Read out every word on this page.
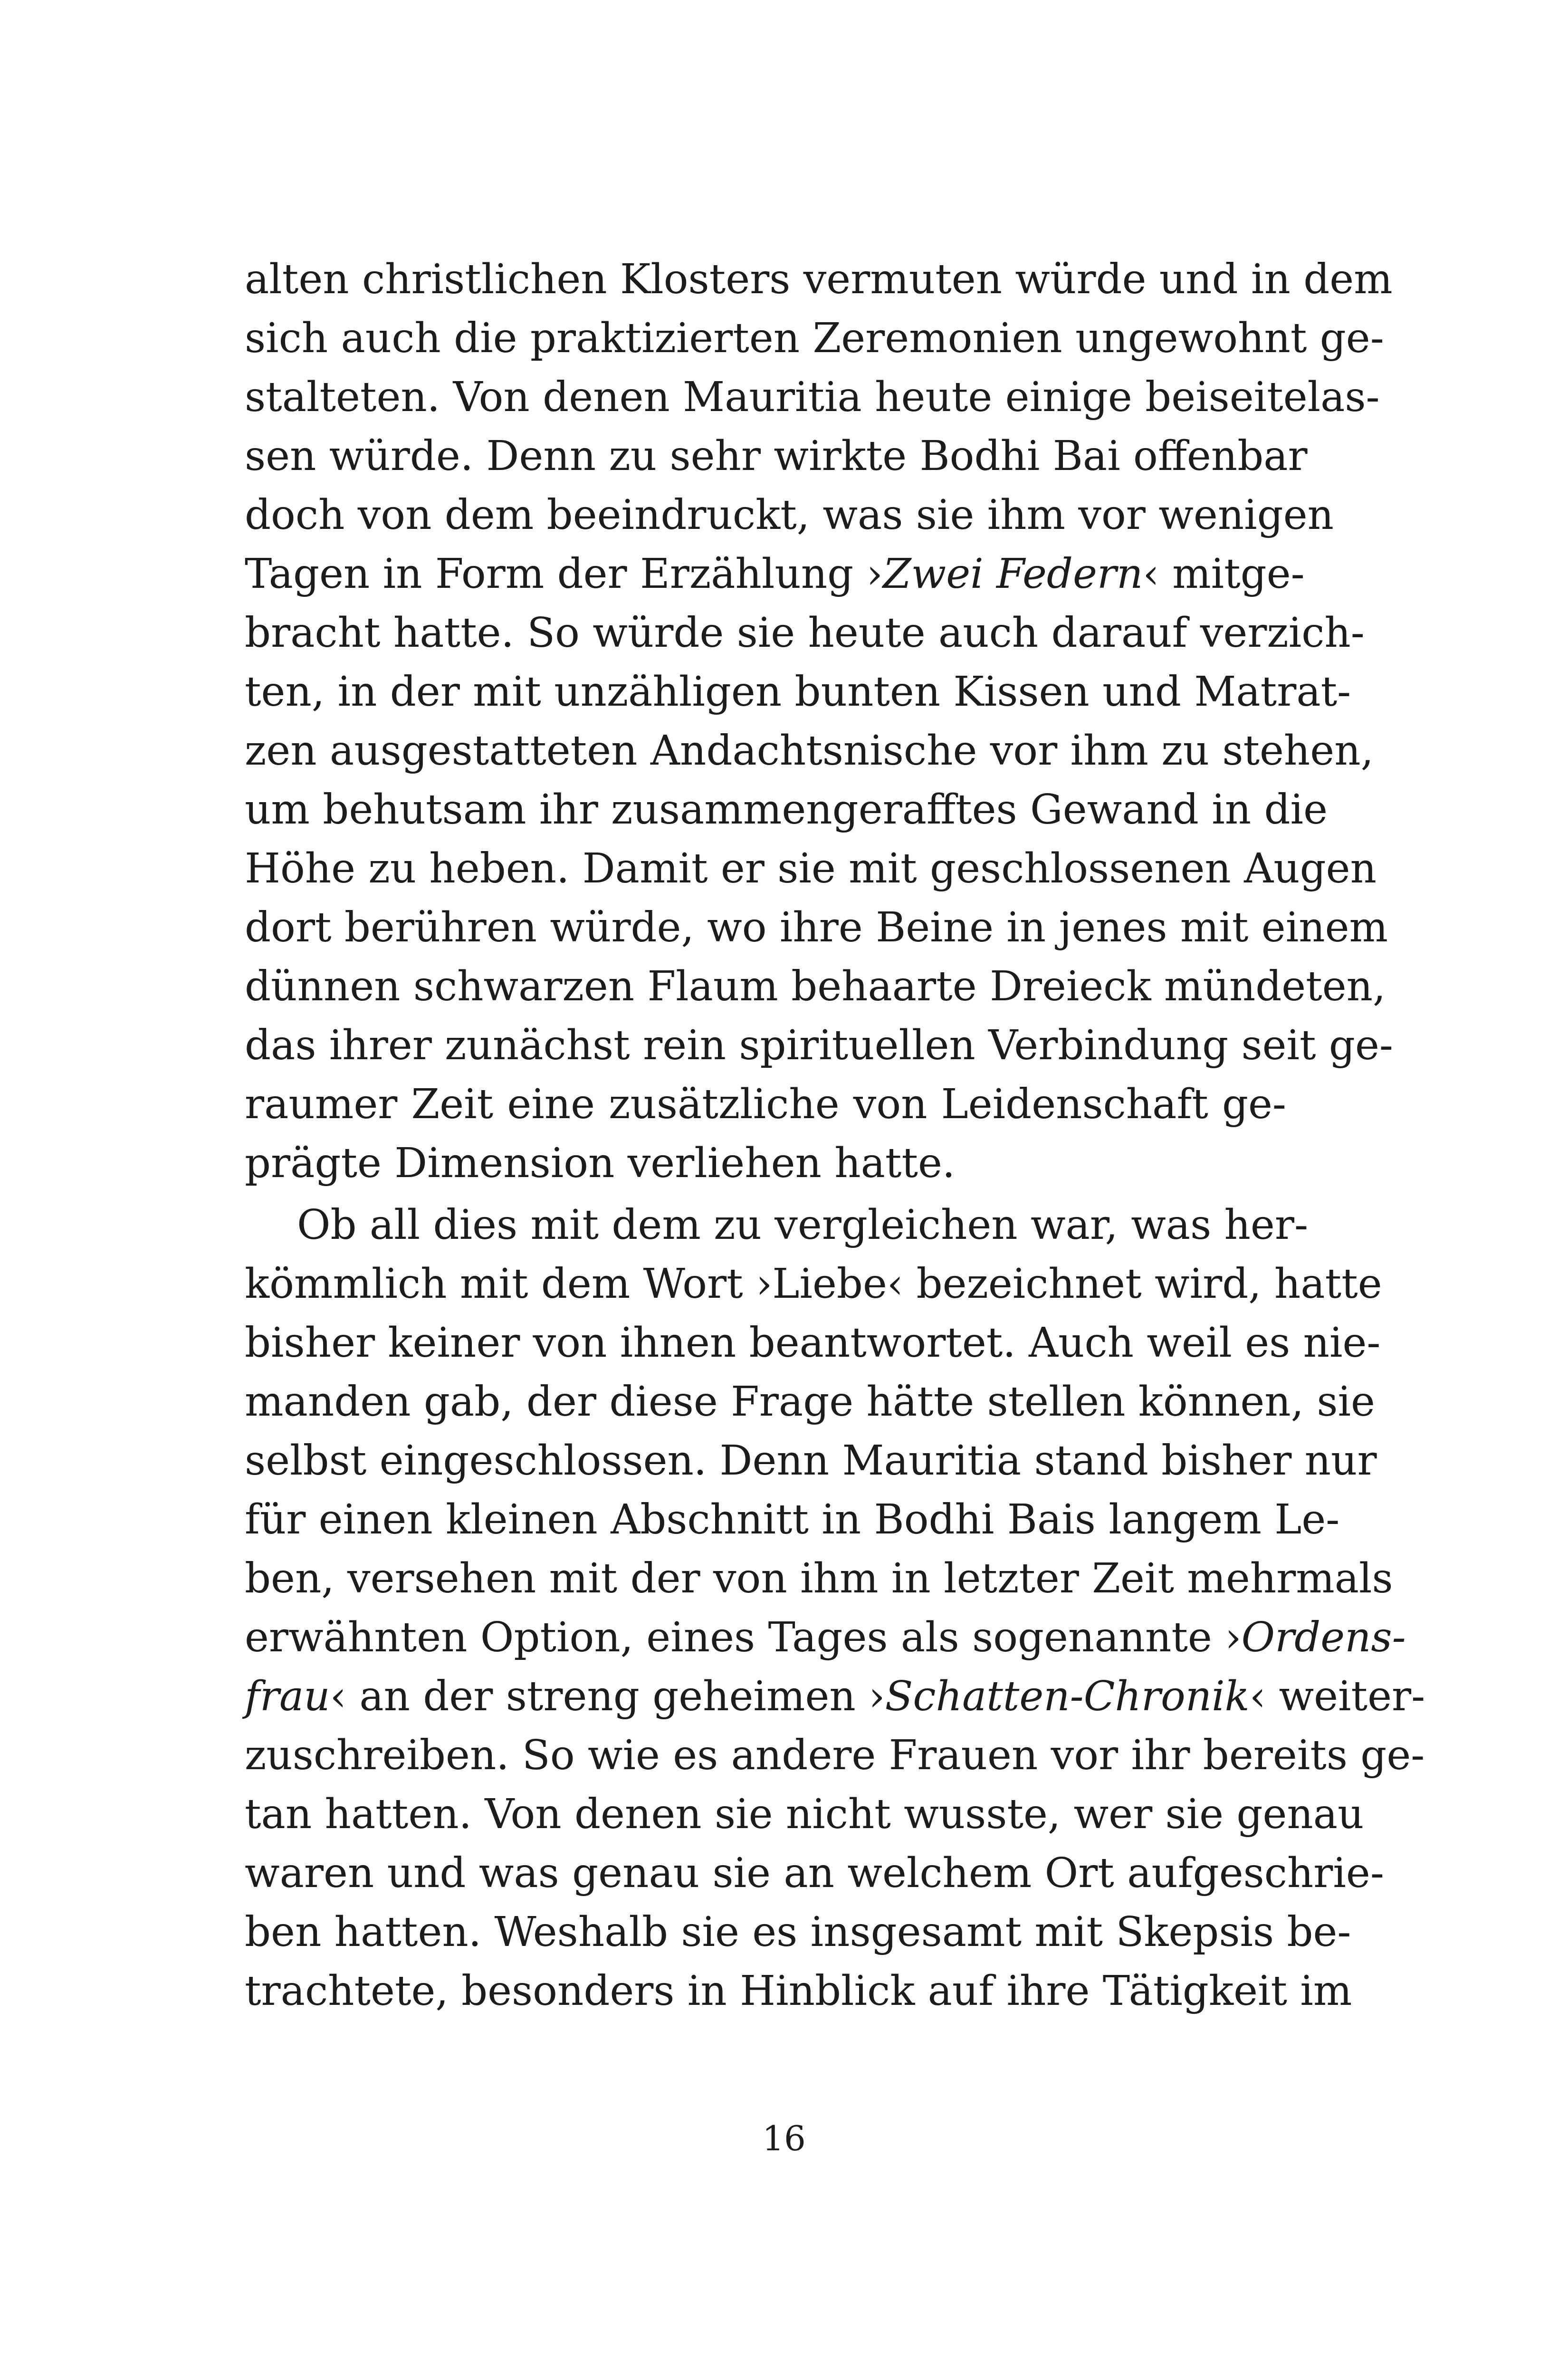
alten christlichen Klosters vermuten würde und in dem
sich auch die praktizierten Zeremonien ungewohnt ge-
stalteten. Von denen Mauritia heute einige beiseitelas-
sen würde. Denn zu sehr wirkte Bodhi Bai offenbar
doch von dem beeindruckt, was sie ihm vor wenigen
Tagen in Form der Erzählung ›Zwei Federn‹ mitge-
bracht hatte. So würde sie heute auch darauf verzich-
ten, in der mit unzähligen bunten Kissen und Matrat-
zen ausgestatteten Andachtsnische vor ihm zu stehen,
um behutsam ihr zusammengerafftes Gewand in die
Höhe zu heben. Damit er sie mit geschlossenen Augen
dort berühren würde, wo ihre Beine in jenes mit einem
dünnen schwarzen Flaum behaarte Dreieck mündeten,
das ihrer zunächst rein spirituellen Verbindung seit ge-
raumer Zeit eine zusätzliche von Leidenschaft ge-
prägte Dimension verliehen hatte.
Ob all dies mit dem zu vergleichen war, was her-
kömmlich mit dem Wort ›Liebe‹ bezeichnet wird, hatte
bisher keiner von ihnen beantwortet. Auch weil es nie-
manden gab, der diese Frage hätte stellen können, sie
selbst eingeschlossen. Denn Mauritia stand bisher nur
für einen kleinen Abschnitt in Bodhi Bais langem Le-
ben, versehen mit der von ihm in letzter Zeit mehrmals
erwähnten Option, eines Tages als sogenannte ›Ordens-
frau‹ an der streng geheimen ›Schatten-Chronik‹ weiter-
zuschreiben. So wie es andere Frauen vor ihr bereits ge-
tan hatten. Von denen sie nicht wusste, wer sie genau
waren und was genau sie an welchem Ort aufgeschrie-
ben hatten. Weshalb sie es insgesamt mit Skepsis be-
trachtete, besonders in Hinblick auf ihre Tätigkeit im
16
